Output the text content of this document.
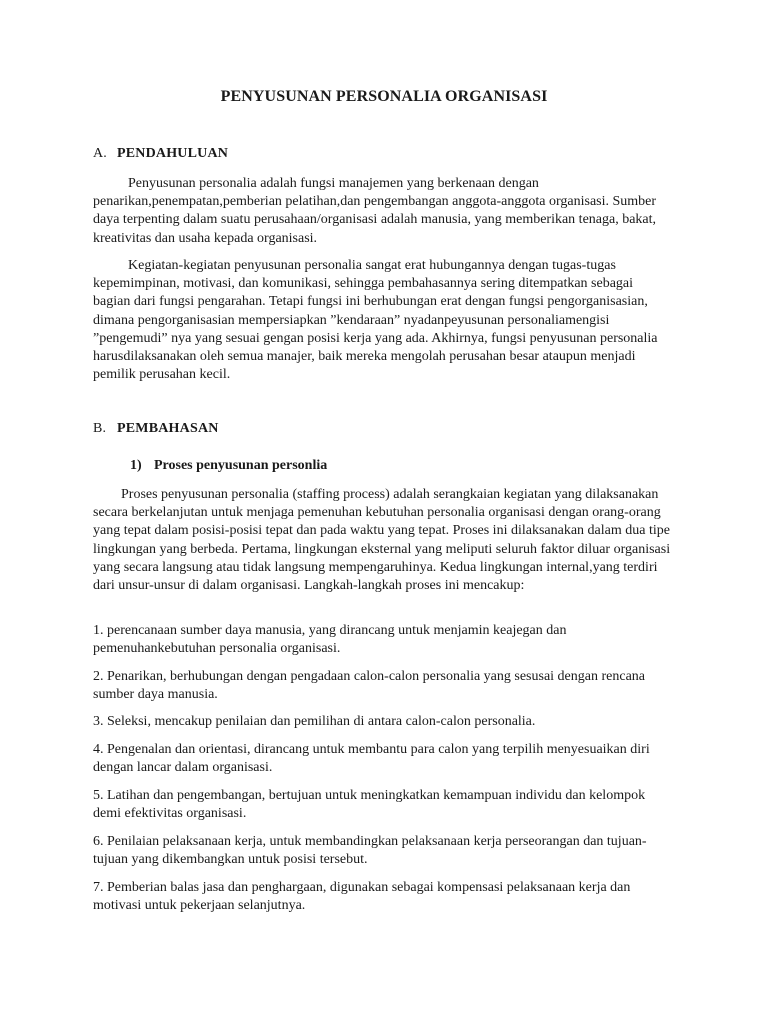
PENYUSUNAN PERSONALIA ORGANISASI
A. PENDAHULUAN

Penyusunan personalia adalah fungsi manajemen yang berkenaan dengan penarikan,penempatan,pemberian pelatihan,dan pengembangan anggota-anggota organisasi. Sumber daya terpenting dalam suatu perusahaan/organisasi adalah manusia, yang memberikan tenaga, bakat, kreativitas dan usaha kepada organisasi.

Kegiatan-kegiatan penyusunan personalia sangat erat hubungannya dengan tugas-tugas kepemimpinan, motivasi, dan komunikasi, sehingga pembahasannya sering ditempatkan sebagai bagian dari fungsi pengarahan. Tetapi fungsi ini berhubungan erat dengan fungsi pengorganisasian, dimana pengorganisasian mempersiapkan ”kendaraan” nyadanpeyusunan personaliamengisi ”pengemudi” nya yang sesuai gengan posisi kerja yang ada. Akhirnya, fungsi penyusunan personalia harusdilaksanakan oleh semua manajer, baik mereka mengolah perusahan besar ataupun menjadi pemilik perusahan kecil.

B. PEMBAHASAN
1) Proses penyusunan personlia

Proses penyusunan personalia (staffing process) adalah serangkaian kegiatan yang dilaksanakan secara berkelanjutan untuk menjaga pemenuhan kebutuhan personalia organisasi dengan orang-orang yang tepat dalam posisi-posisi tepat dan pada waktu yang tepat. Proses ini dilaksanakan dalam dua tipe lingkungan yang berbeda. Pertama, lingkungan eksternal yang meliputi seluruh faktor diluar organisasi yang secara langsung atau tidak langsung mempengaruhinya. Kedua lingkungan internal,yang terdiri dari unsur-unsur di dalam organisasi. Langkah-langkah proses ini mencakup:

1. perencanaan sumber daya manusia, yang dirancang untuk menjamin keajegan dan pemenuhankebutuhan personalia organisasi.

2. Penarikan, berhubungan dengan pengadaan calon-calon personalia yang sesusai dengan rencana sumber daya manusia.

3. Seleksi, mencakup penilaian dan pemilihan di antara calon-calon personalia.

4. Pengenalan dan orientasi, dirancang untuk membantu para calon yang terpilih menyesuaikan diri dengan lancar dalam organisasi.

5. Latihan dan pengembangan, bertujuan untuk meningkatkan kemampuan individu dan kelompok demi efektivitas organisasi.

6. Penilaian pelaksanaan kerja, untuk membandingkan pelaksanaan kerja perseorangan dan tujuan-tujuan yang dikembangkan untuk posisi tersebut.

7. Pemberian balas jasa dan penghargaan, digunakan sebagai kompensasi pelaksanaan kerja dan motivasi untuk pekerjaan selanjutnya.
